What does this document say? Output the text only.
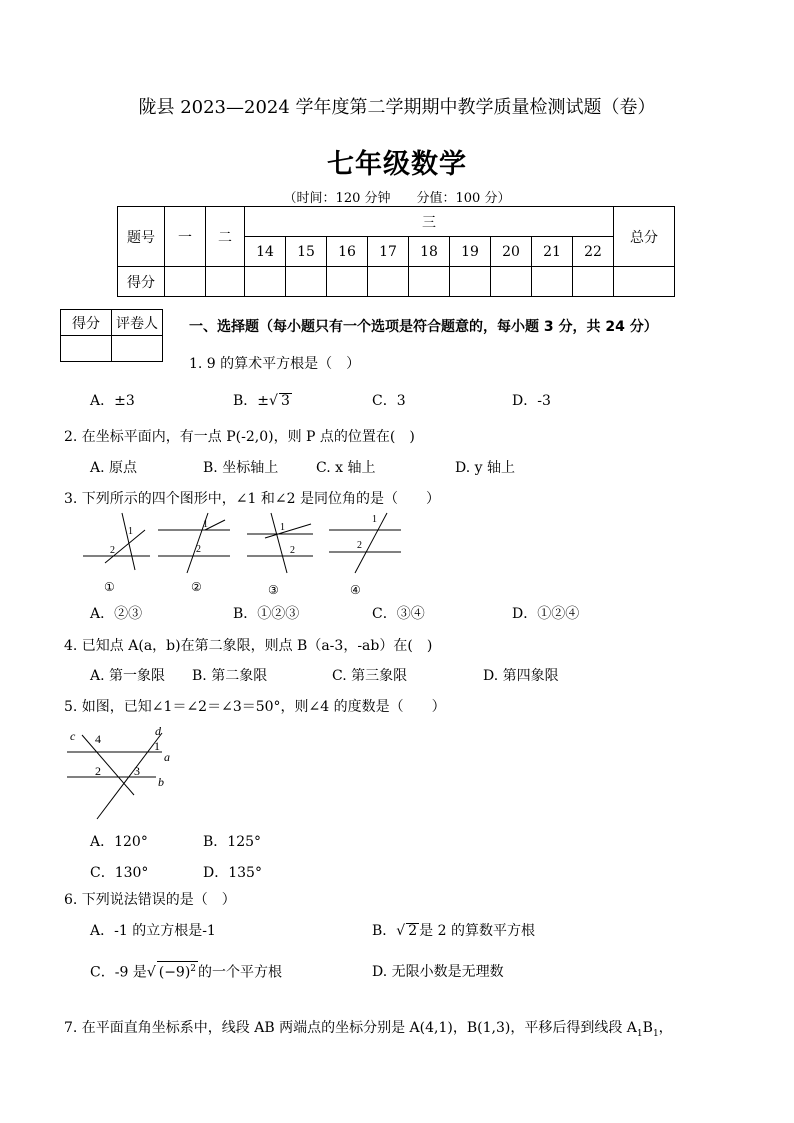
陇县 2023—2024 学年度第二学期期中教学质量检测试题（卷）
七年级数学
（时间：120 分钟　　分值：100 分）
题号	一	二	三									总分
			14	15	16	17	18	19	20	21	22	
得分												
得分	评卷人
	一、选择题（每小题只有一个选项是符合题意的，每小题 3 分，共 24 分）
1. 9 的算术平方根是（　）
A．±3	B．±√ 3	C．3	D．-3
2. 在坐标平面内，有一点 P(-2,0)，则 P 点的位置在(　)
A. 原点	B. 坐标轴上	C. x 轴上	D. y 轴上
3. 下列所示的四个图形中，∠1 和∠2 是同位角的是（　　）
1
2
1
2
1
2
1
2
①	②	③	④
A．②③	B．①②③	C．③④	D．①②④
4. 已知点 A(a，b)在第二象限，则点 B（a-3，-ab）在(　)
A. 第一象限 B. 第二象限	C. 第三象限	D. 第四象限
5. 如图，已知∠1＝∠2＝∠3＝50°，则∠4 的度数是（　　）
c 4
d
1
a
2	3
b
A．120°	B．125°
C．130°	D．135°
6. 下列说法错误的是（　）
A．-1 的立方根是-1	B．√ 2 是 2 的算数平方根
C．-9 是√ $(-9)^2$ 的一个平方根	D. 无限小数是无理数
7. 在平面直角坐标系中，线段 AB 两端点的坐标分别是 A(4,1)，B(1,3)，平移后得到线段 $A_1B_1$，
